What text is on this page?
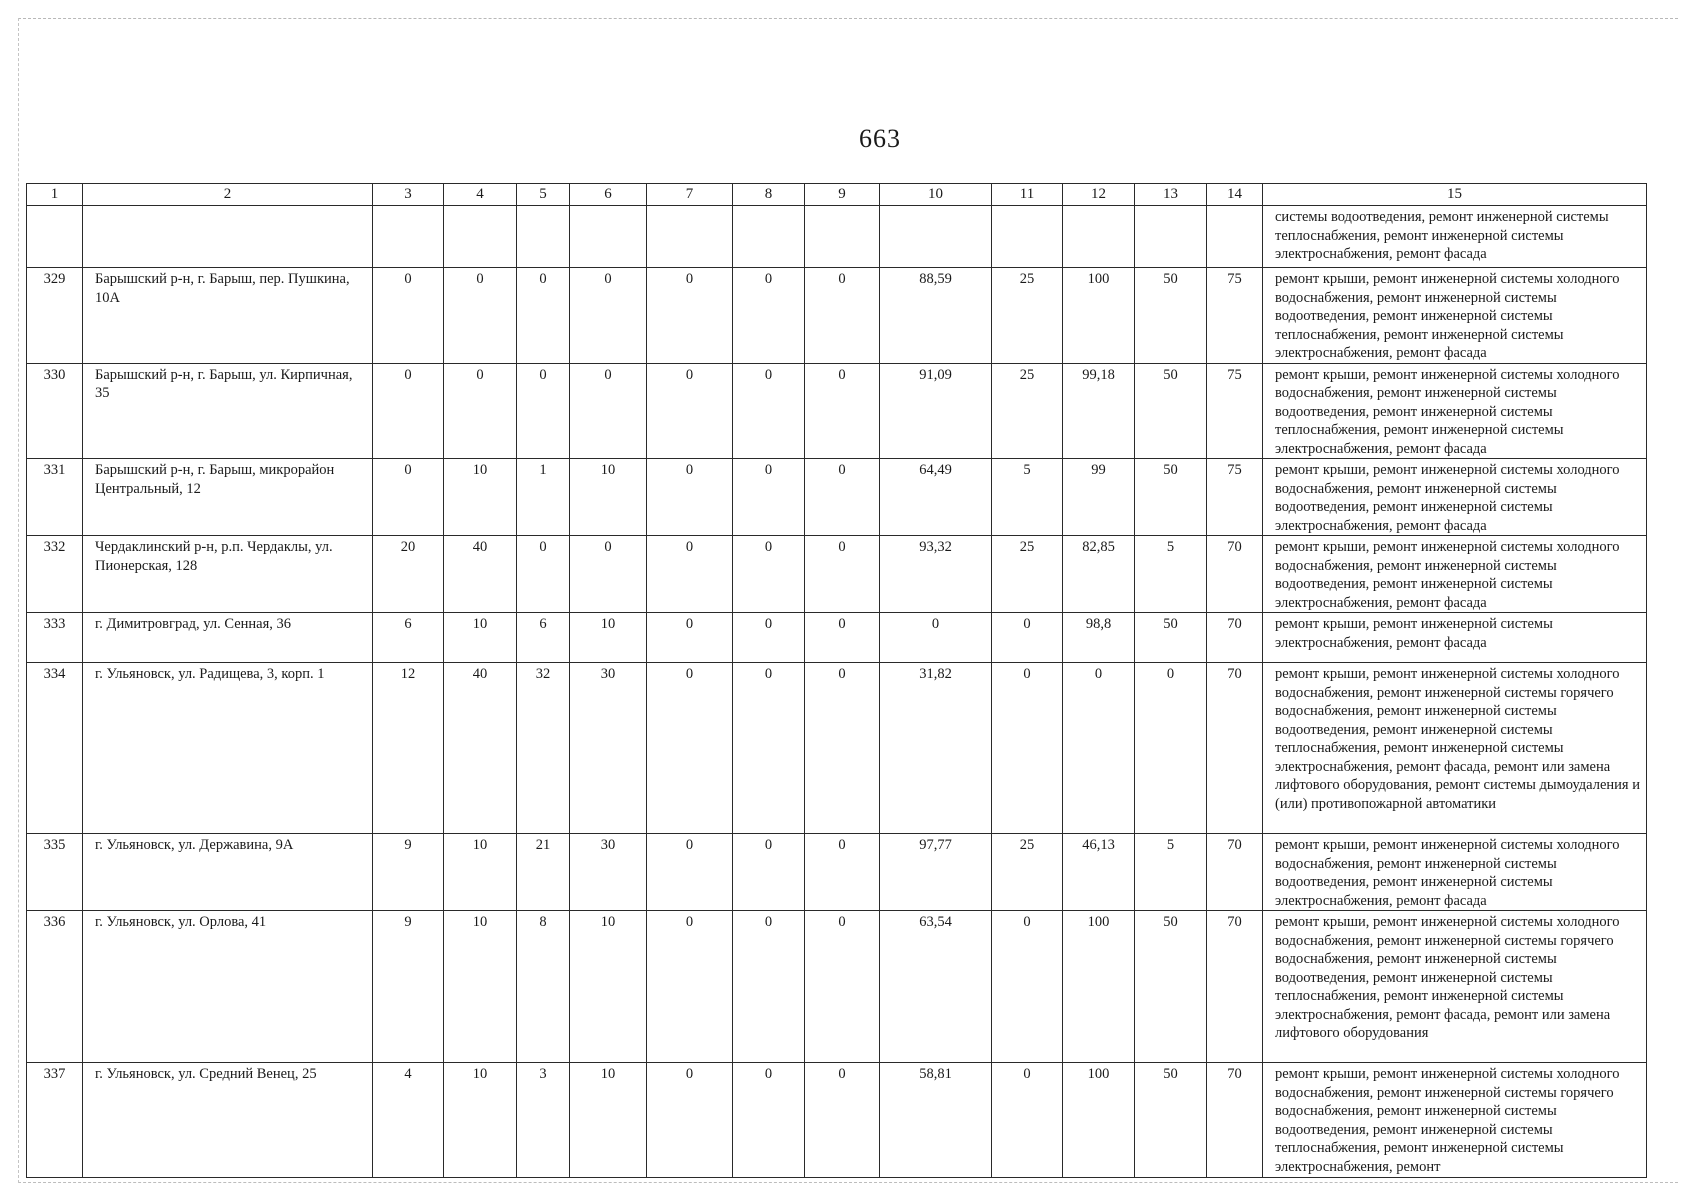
663
1	2	3	4	5	6	7	8	9	10	11	12	13	14	15
														системы водоотведения, ремонт инженерной системы теплоснабжения, ремонт инженерной системы электроснабжения, ремонт фасада
329	Барышский р-н, г. Барыш, пер. Пушкина, 10А	0	0	0	0	0	0	0	88,59	25	100	50	75	ремонт крыши, ремонт инженерной системы холодного водоснабжения, ремонт инженерной системы водоотведения, ремонт инженерной системы теплоснабжения, ремонт инженерной системы электроснабжения, ремонт фасада
330	Барышский р-н, г. Барыш, ул. Кирпичная, 35	0	0	0	0	0	0	0	91,09	25	99,18	50	75	ремонт крыши, ремонт инженерной системы холодного водоснабжения, ремонт инженерной системы водоотведения, ремонт инженерной системы теплоснабжения, ремонт инженерной системы электроснабжения, ремонт фасада
331	Барышский р-н, г. Барыш, микрорайон Центральный, 12	0	10	1	10	0	0	0	64,49	5	99	50	75	ремонт крыши, ремонт инженерной системы холодного водоснабжения, ремонт инженерной системы водоотведения, ремонт инженерной системы электроснабжения, ремонт фасада
332	Чердаклинский р-н, р.п. Чердаклы, ул. Пионерская, 128	20	40	0	0	0	0	0	93,32	25	82,85	5	70	ремонт крыши, ремонт инженерной системы холодного водоснабжения, ремонт инженерной системы водоотведения, ремонт инженерной системы электроснабжения, ремонт фасада
333	г. Димитровград, ул. Сенная, 36	6	10	6	10	0	0	0	0	0	98,8	50	70	ремонт крыши, ремонт инженерной системы электроснабжения, ремонт фасада
334	г. Ульяновск, ул. Радищева, 3, корп. 1	12	40	32	30	0	0	0	31,82	0	0	0	70	ремонт крыши, ремонт инженерной системы холодного водоснабжения, ремонт инженерной системы горячего водоснабжения, ремонт инженерной системы водоотведения, ремонт инженерной системы теплоснабжения, ремонт инженерной системы электроснабжения, ремонт фасада, ремонт или замена лифтового оборудования, ремонт системы дымоудаления и (или) противопожарной автоматики
335	г. Ульяновск, ул. Державина, 9А	9	10	21	30	0	0	0	97,77	25	46,13	5	70	ремонт крыши, ремонт инженерной системы холодного водоснабжения, ремонт инженерной системы водоотведения, ремонт инженерной системы электроснабжения, ремонт фасада
336	г. Ульяновск, ул. Орлова, 41	9	10	8	10	0	0	0	63,54	0	100	50	70	ремонт крыши, ремонт инженерной системы холодного водоснабжения, ремонт инженерной системы горячего водоснабжения, ремонт инженерной системы водоотведения, ремонт инженерной системы теплоснабжения, ремонт инженерной системы электроснабжения, ремонт фасада, ремонт или замена лифтового оборудования
337	г. Ульяновск, ул. Средний Венец, 25	4	10	3	10	0	0	0	58,81	0	100	50	70	ремонт крыши, ремонт инженерной системы холодного водоснабжения, ремонт инженерной системы горячего водоснабжения, ремонт инженерной системы водоотведения, ремонт инженерной системы теплоснабжения, ремонт инженерной системы электроснабжения, ремонт
